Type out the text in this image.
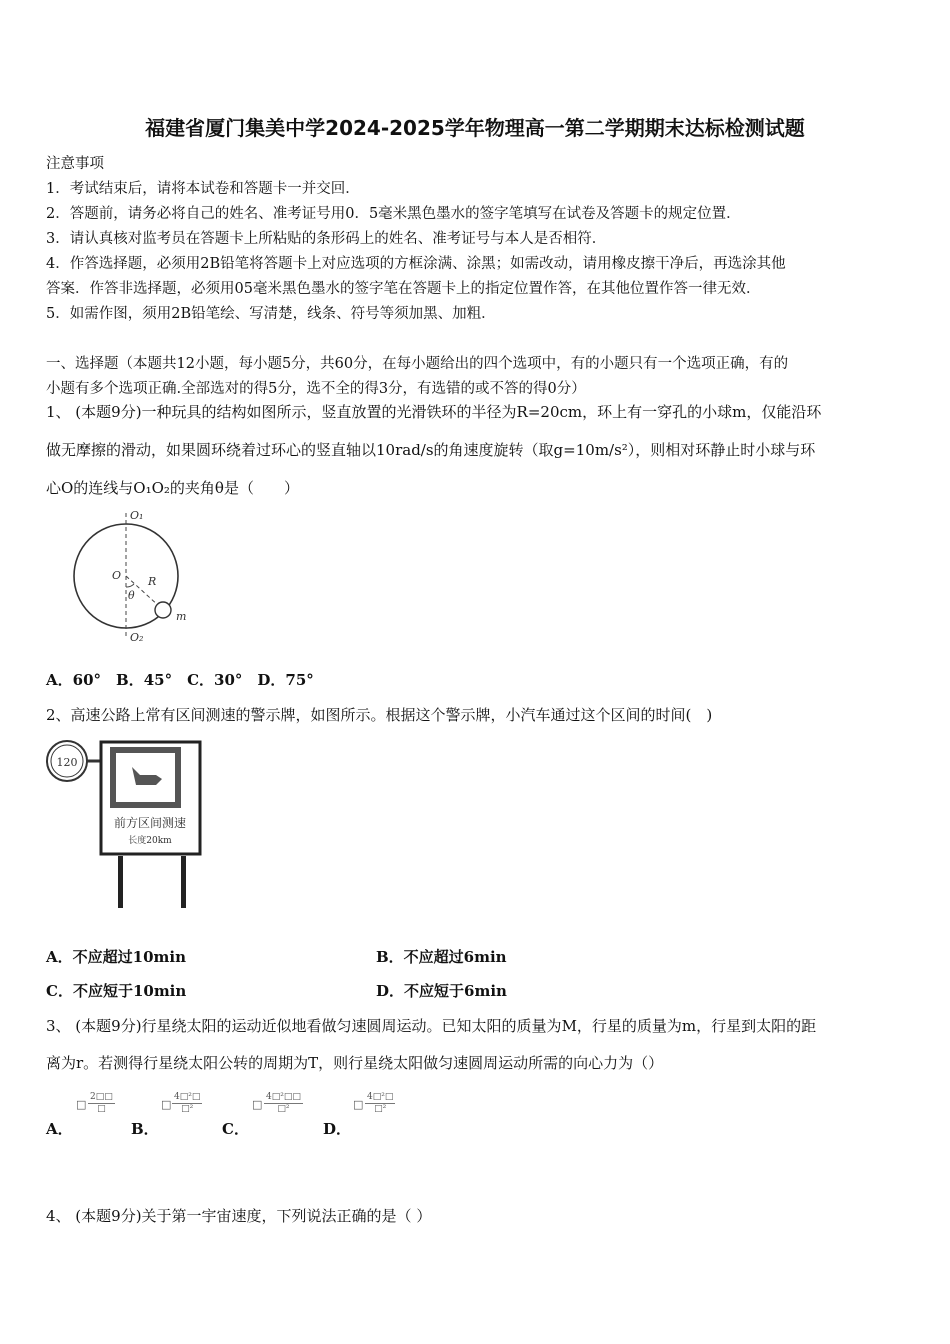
福建省厦门集美中学2024-2025学年物理高一第二学期期末达标检测试题
注意事项
1．考试结束后，请将本试卷和答题卡一并交回．
2．答题前，请务必将自己的姓名、准考证号用0．5毫米黑色墨水的签字笔填写在试卷及答题卡的规定位置．
3．请认真核对监考员在答题卡上所粘贴的条形码上的姓名、准考证号与本人是否相符．
4．作答选择题，必须用2B铅笔将答题卡上对应选项的方框涂满、涂黑；如需改动，请用橡皮擦干净后，再选涂其他
答案．作答非选择题，必须用05毫米黑色墨水的签字笔在答题卡上的指定位置作答，在其他位置作答一律无效．
5．如需作图，须用2B铅笔绘、写清楚，线条、符号等须加黑、加粗．
一、选择题（本题共12小题，每小题5分，共60分，在每小题给出的四个选项中，有的小题只有一个选项正确，有的
小题有多个选项正确.全部选对的得5分，选不全的得3分，有选错的或不答的得0分）
1、 (本题9分)一种玩具的结构如图所示，竖直放置的光滑铁环的半径为R=20cm，环上有一穿孔的小球m，仅能沿环
做无摩擦的滑动，如果圆环绕着过环心的竖直轴以10rad/s的角速度旋转（取g=10m/s²），则相对环静止时小球与环
心O的连线与O₁O₂的夹角θ是（　　）
O₁
O R
θ
m
O₂
A．60°　B．45°　C．30°　D．75°
2、高速公路上常有区间测速的警示牌，如图所示。根据这个警示牌，小汽车通过这个区间的时间(　)
120
前方区间测速
长度20km
A．不应超过10min	B．不应超过6min
C．不应短于10min	D．不应短于6min
3、 (本题9分)行星绕太阳的运动近似地看做匀速圆周运动。已知太阳的质量为M，行星的质量为m，行星到太阳的距
离为r。若测得行星绕太阳公转的周期为T，则行星绕太阳做匀速圆周运动所需的向心力为（）
A．
□
2□□
□
B．
□
4□²□
□²
C．
□
4□²□□
□²
D．
□
4□²□
□²
4、 (本题9分)关于第一宇宙速度，下列说法正确的是（ ）
